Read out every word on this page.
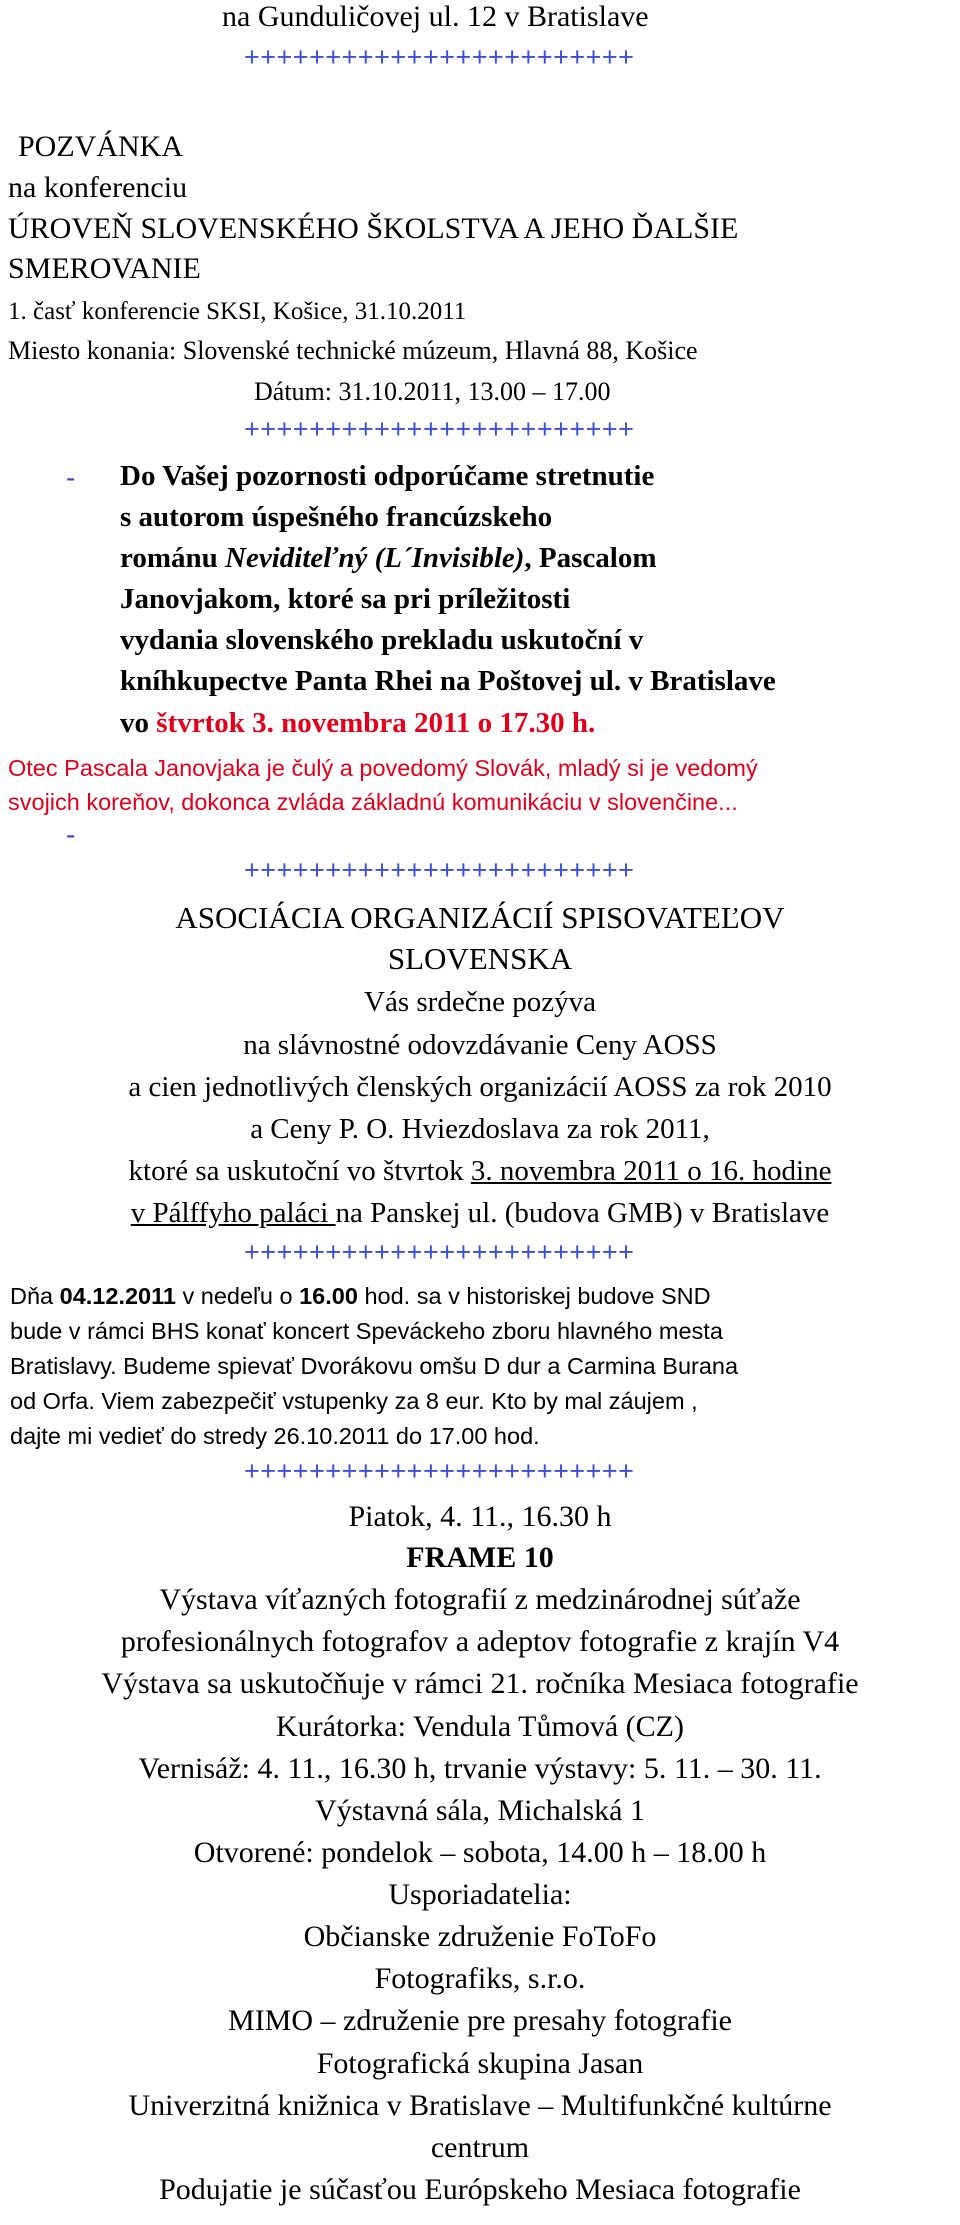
na Gunduličovej ul. 12 v Bratislave
++++++++++++++++++++++++
POZVÁNKA
na konferenciu
ÚROVEŇ SLOVENSKÉHO ŠKOLSTVA A JEHO ĎALŠIE
SMEROVANIE
1. časť konferencie SKSI, Košice, 31.10.2011
Miesto konania: Slovenské technické múzeum, Hlavná 88, Košice
Dátum: 31.10.2011, 13.00 – 17.00
++++++++++++++++++++++++
- Do Vašej pozornosti odporúčame stretnutie
s autorom úspešného francúzskeho
románu Neviditeľný (L´Invisible), Pascalom
Janovjakom, ktoré sa pri príležitosti
vydania slovenského prekladu uskutoční v
kníhkupectve Panta Rhei na Poštovej ul. v Bratislave
vo štvrtok 3. novembra 2011 o 17.30 h.
Otec Pascala Janovjaka je čulý a povedomý Slovák, mladý si je vedomý
svojich koreňov, dokonca zvláda základnú komunikáciu v slovenčine...
-
++++++++++++++++++++++++
ASOCIÁCIA ORGANIZÁCIÍ SPISOVATEĽOV
SLOVENSKA
Vás srdečne pozýva
na slávnostné odovzdávanie Ceny AOSS
a cien jednotlivých členských organizácií AOSS za rok 2010
a Ceny P. O. Hviezdoslava za rok 2011,
ktoré sa uskutoční vo štvrtok 3. novembra 2011 o 16. hodine
v Pálffyho paláci na Panskej ul. (budova GMB) v Bratislave
++++++++++++++++++++++++
Dňa 04.12.2011 v nedeľu o 16.00 hod. sa v historiskej budove SND
bude v rámci BHS konať koncert Speváckeho zboru hlavného mesta
Bratislavy. Budeme spievať Dvorákovu omšu D dur a Carmina Burana
od Orfa. Viem zabezpečiť vstupenky za 8 eur. Kto by mal záujem ,
dajte mi vedieť do stredy 26.10.2011 do 17.00 hod.
++++++++++++++++++++++++
Piatok, 4. 11., 16.30 h
FRAME 10
Výstava víťazných fotografií z medzinárodnej súťaže
profesionálnych fotografov a adeptov fotografie z krajín V4
Výstava sa uskutočňuje v rámci 21. ročníka Mesiaca fotografie
Kurátorka: Vendula Tůmová (CZ)
Vernisáž: 4. 11., 16.30 h, trvanie výstavy: 5. 11. – 30. 11.
Výstavná sála, Michalská 1
Otvorené: pondelok – sobota, 14.00 h – 18.00 h
Usporiadatelia:
Občianske združenie FoToFo
Fotografiks, s.r.o.
MIMO – združenie pre presahy fotografie
Fotografická skupina Jasan
Univerzitná knižnica v Bratislave – Multifunkčné kultúrne
centrum
Podujatie je súčasťou Európskeho Mesiaca fotografie
